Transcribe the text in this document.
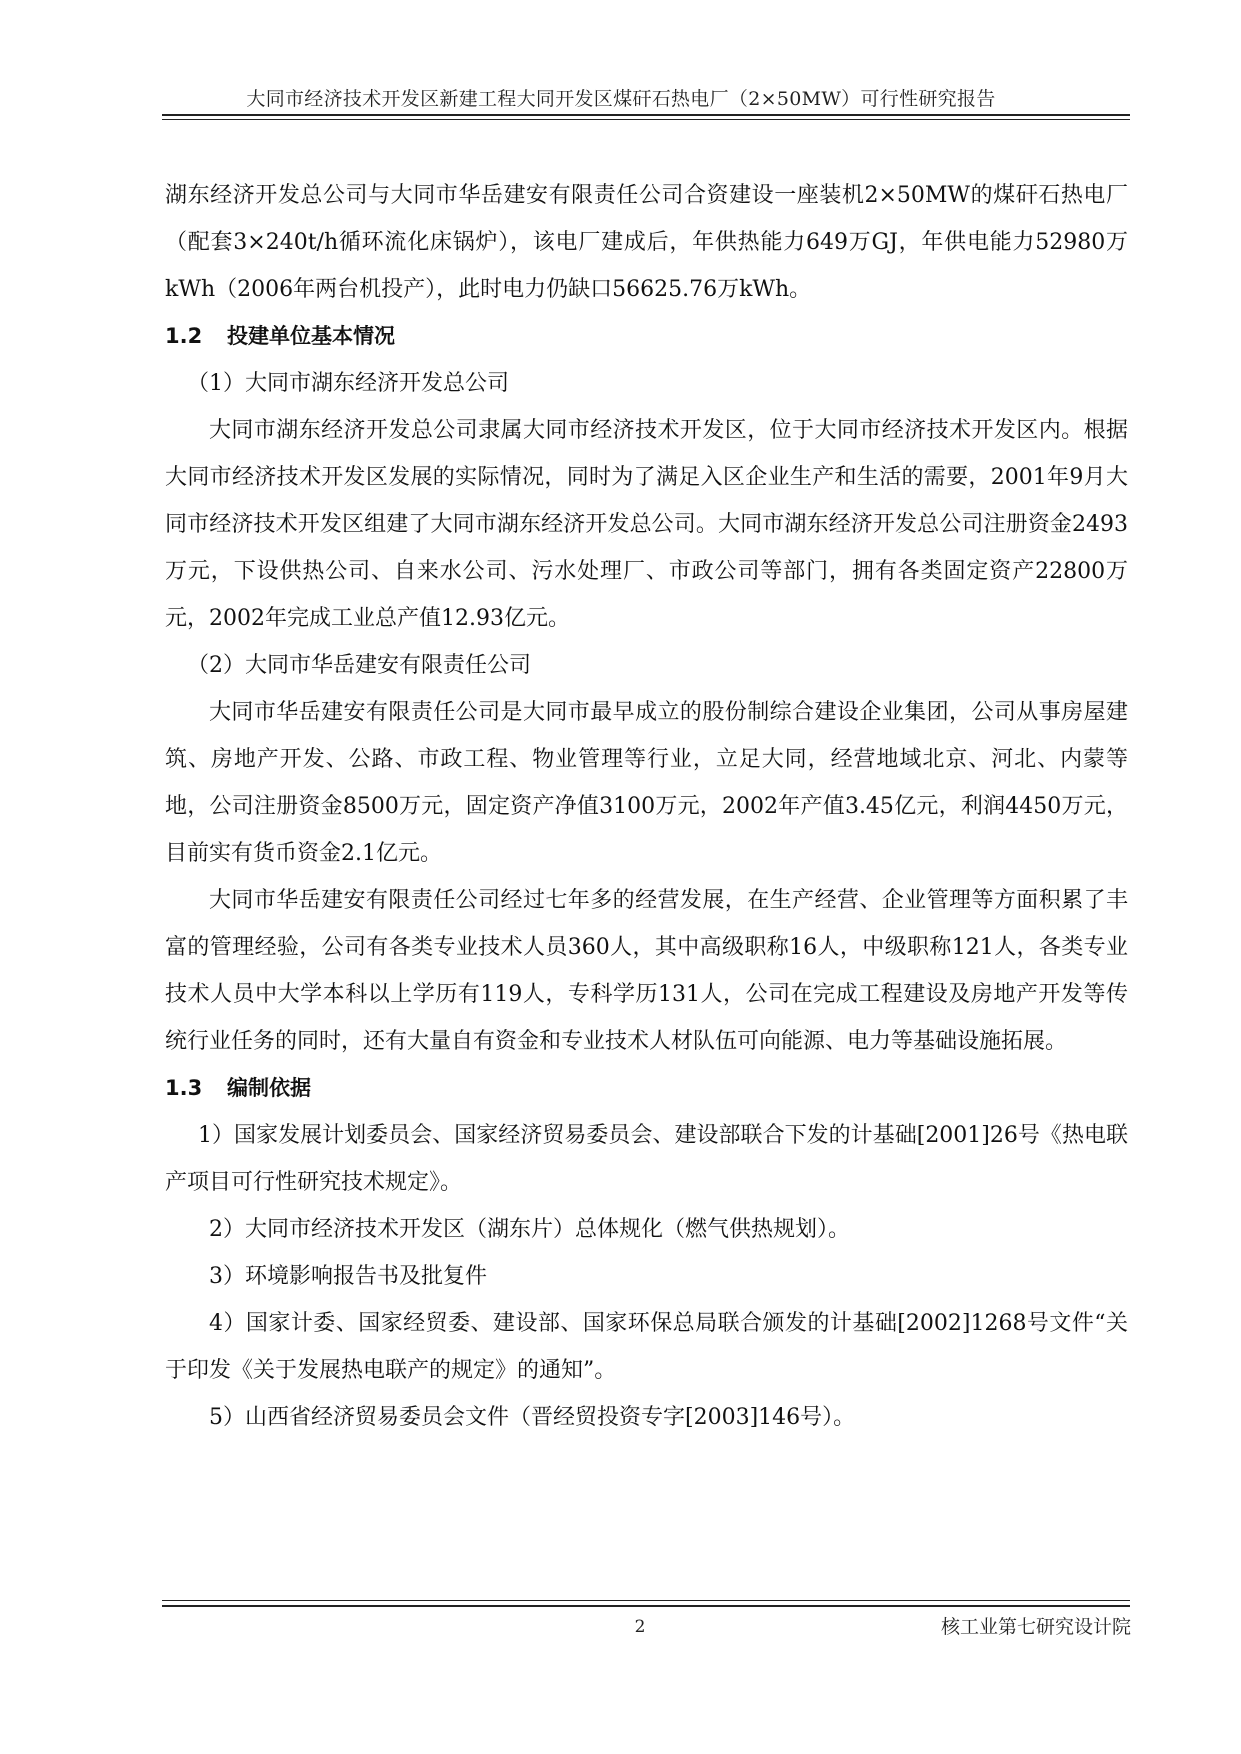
大同市经济技术开发区新建工程大同开发区煤矸石热电厂（2×50MW）可行性研究报告

湖东经济开发总公司与大同市华岳建安有限责任公司合资建设一座装机2×50MW的煤矸石热电厂（配套3×240t/h循环流化床锅炉），该电厂建成后，年供热能力649万GJ，年供电能力52980万kWh（2006年两台机投产），此时电力仍缺口56625.76万kWh。

1.2	投建单位基本情况

（1）大同市湖东经济开发总公司

大同市湖东经济开发总公司隶属大同市经济技术开发区，位于大同市经济技术开发区内。根据大同市经济技术开发区发展的实际情况，同时为了满足入区企业生产和生活的需要，2001年9月大同市经济技术开发区组建了大同市湖东经济开发总公司。大同市湖东经济开发总公司注册资金2493万元，下设供热公司、自来水公司、污水处理厂、市政公司等部门，拥有各类固定资产22800万元，2002年完成工业总产值12.93亿元。

（2）大同市华岳建安有限责任公司

大同市华岳建安有限责任公司是大同市最早成立的股份制综合建设企业集团，公司从事房屋建筑、房地产开发、公路、市政工程、物业管理等行业，立足大同，经营地域北京、河北、内蒙等地，公司注册资金8500万元，固定资产净值3100万元，2002年产值3.45亿元，利润4450万元，目前实有货币资金2.1亿元。

大同市华岳建安有限责任公司经过七年多的经营发展，在生产经营、企业管理等方面积累了丰富的管理经验，公司有各类专业技术人员360人，其中高级职称16人，中级职称121人，各类专业技术人员中大学本科以上学历有119人，专科学历131人，公司在完成工程建设及房地产开发等传统行业任务的同时，还有大量自有资金和专业技术人材队伍可向能源、电力等基础设施拓展。

1.3	编制依据

1）国家发展计划委员会、国家经济贸易委员会、建设部联合下发的计基础[2001]26号《热电联产项目可行性研究技术规定》。

2）大同市经济技术开发区（湖东片）总体规化（燃气供热规划）。

3）环境影响报告书及批复件

4）国家计委、国家经贸委、建设部、国家环保总局联合颁发的计基础[2002]1268号文件“关于印发《关于发展热电联产的规定》的通知”。

5）山西省经济贸易委员会文件（晋经贸投资专字[2003]146号）。

2	核工业第七研究设计院
